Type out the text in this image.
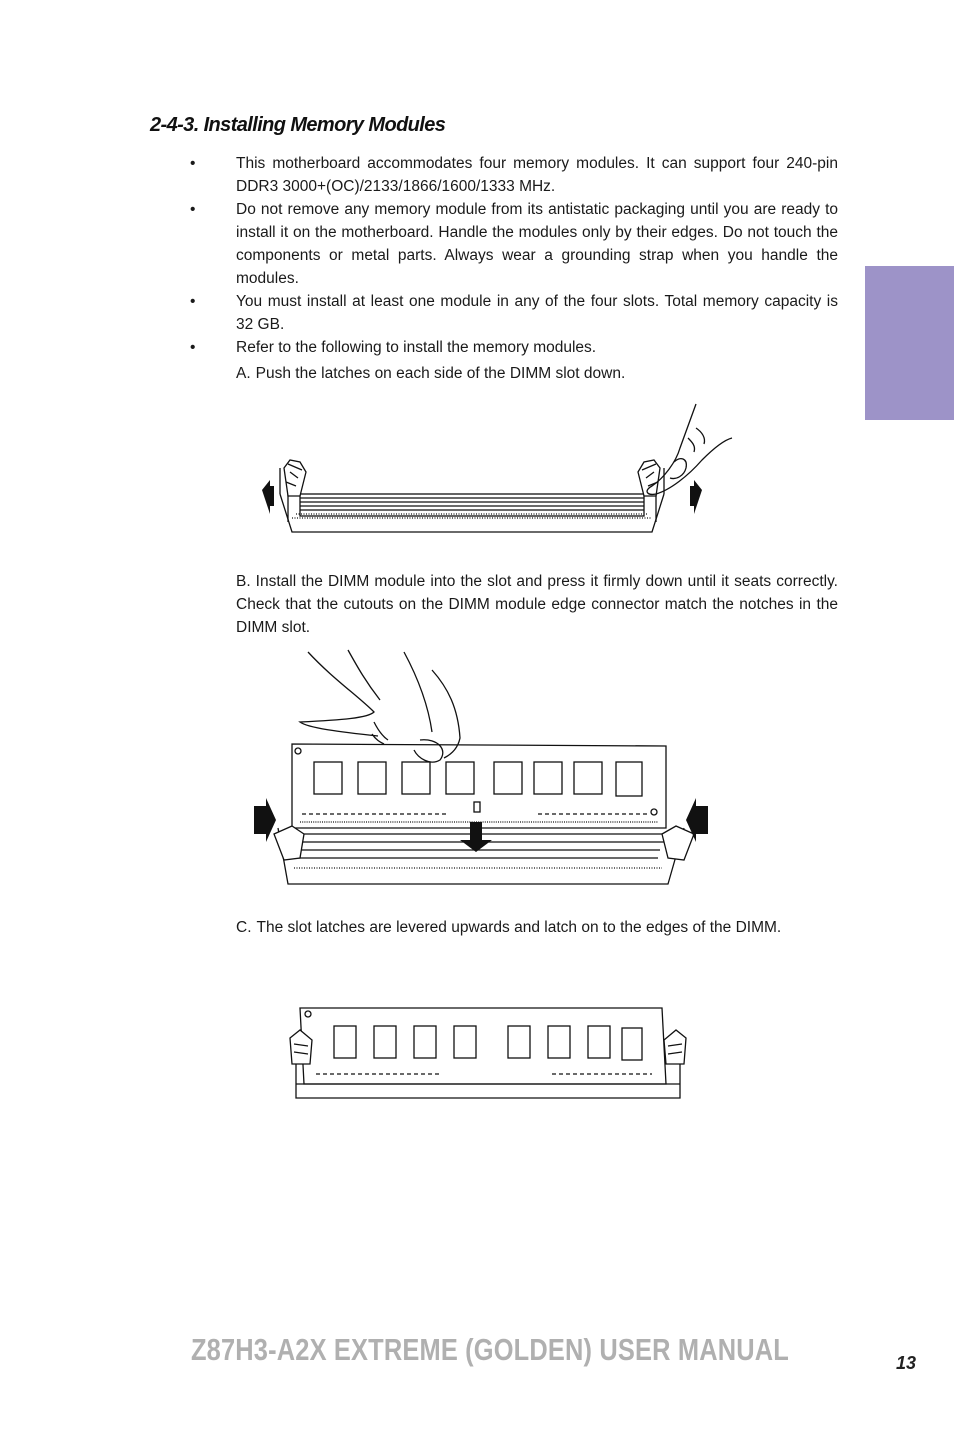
2-4-3. Installing Memory Modules
•	This motherboard accommodates four memory modules. It can support four 240-pin DDR3 3000+(OC)/2133/1866/1600/1333 MHz.
•	Do not remove any memory module from its antistatic packaging until you are ready to install it on the motherboard. Handle the modules only by their edges. Do not touch the components or metal parts. Always wear a grounding strap when you handle the modules.
•	You must install at least one module in any of the four slots. Total memory capacity is 32 GB.
•	Refer to the following to install the memory modules.

A. Push the latches on each side of the DIMM slot down.

B. Install the DIMM module into the slot and press it firmly down until it seats correctly. Check that the cutouts on the DIMM module edge connector match the notches in the DIMM slot.

C. The slot latches are levered upwards and latch on to the edges of the DIMM.

Z87H3-A2X EXTREME (GOLDEN) USER MANUAL	13
